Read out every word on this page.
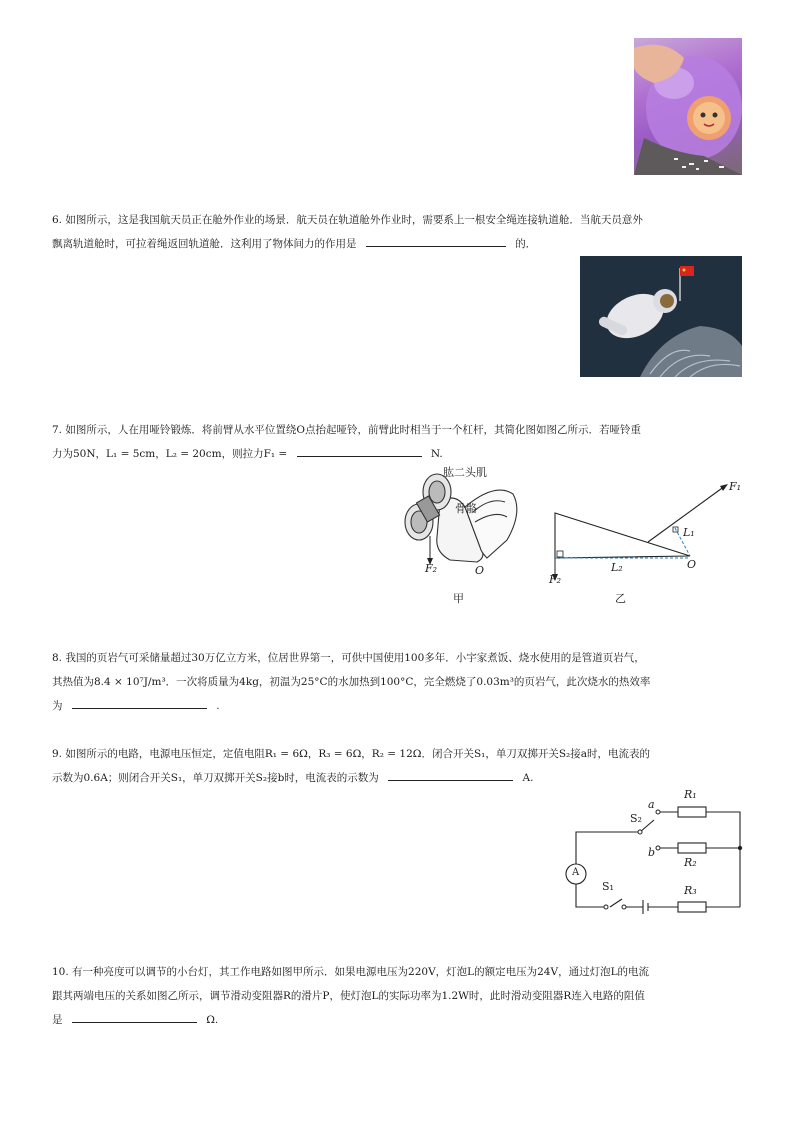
6. 如图所示，这是我国航天员正在舱外作业的场景．航天员在轨道舱外作业时，需要系上一根安全绳连接轨道舱．当航天员意外
飘离轨道舱时，可拉着绳返回轨道舱．这利用了物体间力的作用是	的．
7. 如图所示，人在用哑铃锻炼．将前臂从水平位置绕O点抬起哑铃，前臂此时相当于一个杠杆，其简化图如图乙所示．若哑铃重
力为50N，L₁ = 5cm，L₂ = 20cm，则拉力F₁ =	N.
肱二头肌
骨骼
F₂	O
甲
F₁
L₁
L₂
F₂
O
乙
8. 我国的页岩气可采储量超过30万亿立方米，位居世界第一，可供中国使用100多年．小宇家煮饭、烧水使用的是管道页岩气，
其热值为8.4 × 10⁷J/m³．一次将质量为4kg，初温为25°C的水加热到100°C，完全燃烧了0.03m³的页岩气，此次烧水的热效率
为	.
9. 如图所示的电路，电源电压恒定，定值电阻R₁ = 6Ω，R₃ = 6Ω，R₂ = 12Ω．闭合开关S₁，单刀双掷开关S₂接a时，电流表的
示数为0.6A；则闭合开关S₁，单刀双掷开关S₂接b时，电流表的示数为	A.
A
R₁
R₂
R₃
a
b
S₂
S₁
10. 有一种亮度可以调节的小台灯，其工作电路如图甲所示．如果电源电压为220V，灯泡L的额定电压为24V，通过灯泡L的电流
跟其两端电压的关系如图乙所示，调节滑动变阻器R的滑片P，使灯泡L的实际功率为1.2W时，此时滑动变阻器R连入电路的阻值
是	Ω.
